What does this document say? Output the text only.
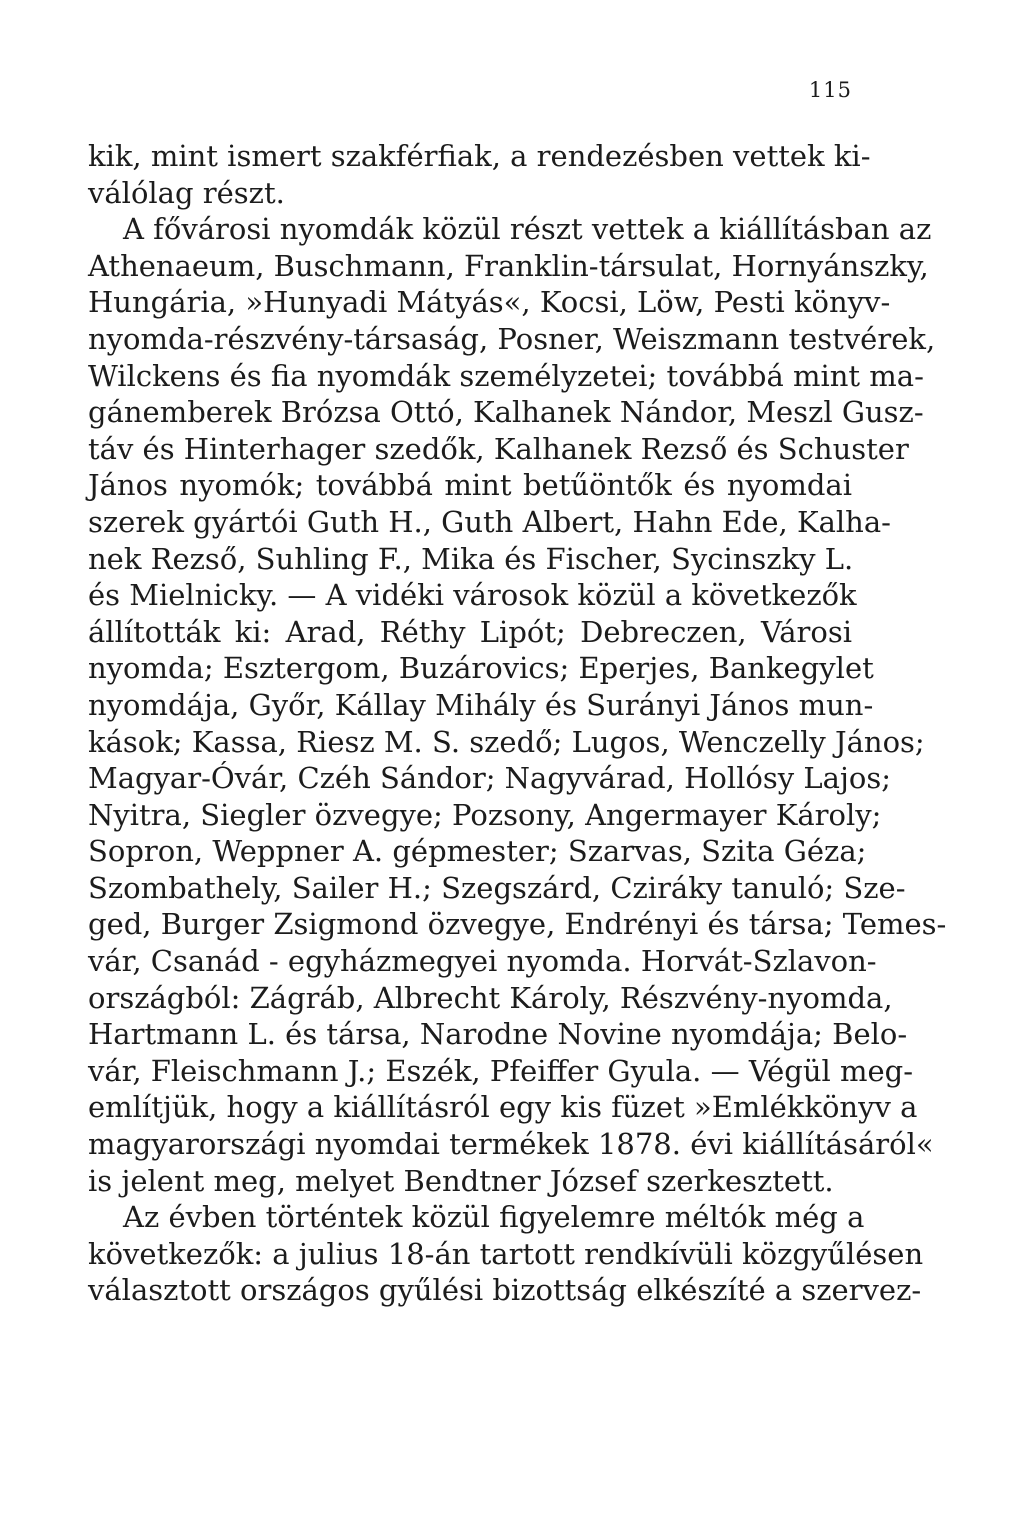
115
kik, mint ismert szakférfiak, a rendezésben vettek ki-
válólag részt.
A fővárosi nyomdák közül részt vettek a kiállításban az
Athenaeum, Buschmann, Franklin-társulat, Hornyánszky,
Hungária, »Hunyadi Mátyás«, Kocsi, Löw, Pesti könyv-
nyomda-részvény-társaság, Posner, Weiszmann testvérek,
Wilckens és fia nyomdák személyzetei; továbbá mint ma-
gánemberek Brózsa Ottó, Kalhanek Nándor, Meszl Gusz-
táv és Hinterhager szedők, Kalhanek Rezső és Schuster
János nyomók; továbbá mint betűöntők és nyomdai
szerek gyártói Guth H., Guth Albert, Hahn Ede, Kalha-
nek Rezső, Suhling F., Mika és Fischer, Sycinszky L.
és Mielnicky. — A vidéki városok közül a következők
állították ki: Arad, Réthy Lipót; Debreczen, Városi
nyomda; Esztergom, Buzárovics; Eperjes, Bankegylet
nyomdája, Győr, Kállay Mihály és Surányi János mun-
kások; Kassa, Riesz M. S. szedő; Lugos, Wenczelly János;
Magyar-Óvár, Czéh Sándor; Nagyvárad, Hollósy Lajos;
Nyitra, Siegler özvegye; Pozsony, Angermayer Károly;
Sopron, Weppner A. gépmester; Szarvas, Szita Géza;
Szombathely, Sailer H.; Szegszárd, Cziráky tanuló; Sze-
ged, Burger Zsigmond özvegye, Endrényi és társa; Temes-
vár, Csanád - egyházmegyei nyomda. Horvát-Szlavon-
országból: Zágráb, Albrecht Károly, Részvény-nyomda,
Hartmann L. és társa, Narodne Novine nyomdája; Belo-
vár, Fleischmann J.; Eszék, Pfeiffer Gyula. — Végül meg-
említjük, hogy a kiállításról egy kis füzet »Emlékkönyv a
magyarországi nyomdai termékek 1878. évi kiállításáról«
is jelent meg, melyet Bendtner József szerkesztett.
Az évben történtek közül figyelemre méltók még a
következők: a julius 18-án tartott rendkívüli közgyűlésen
választott országos gyűlési bizottság elkészíté a szervez-
